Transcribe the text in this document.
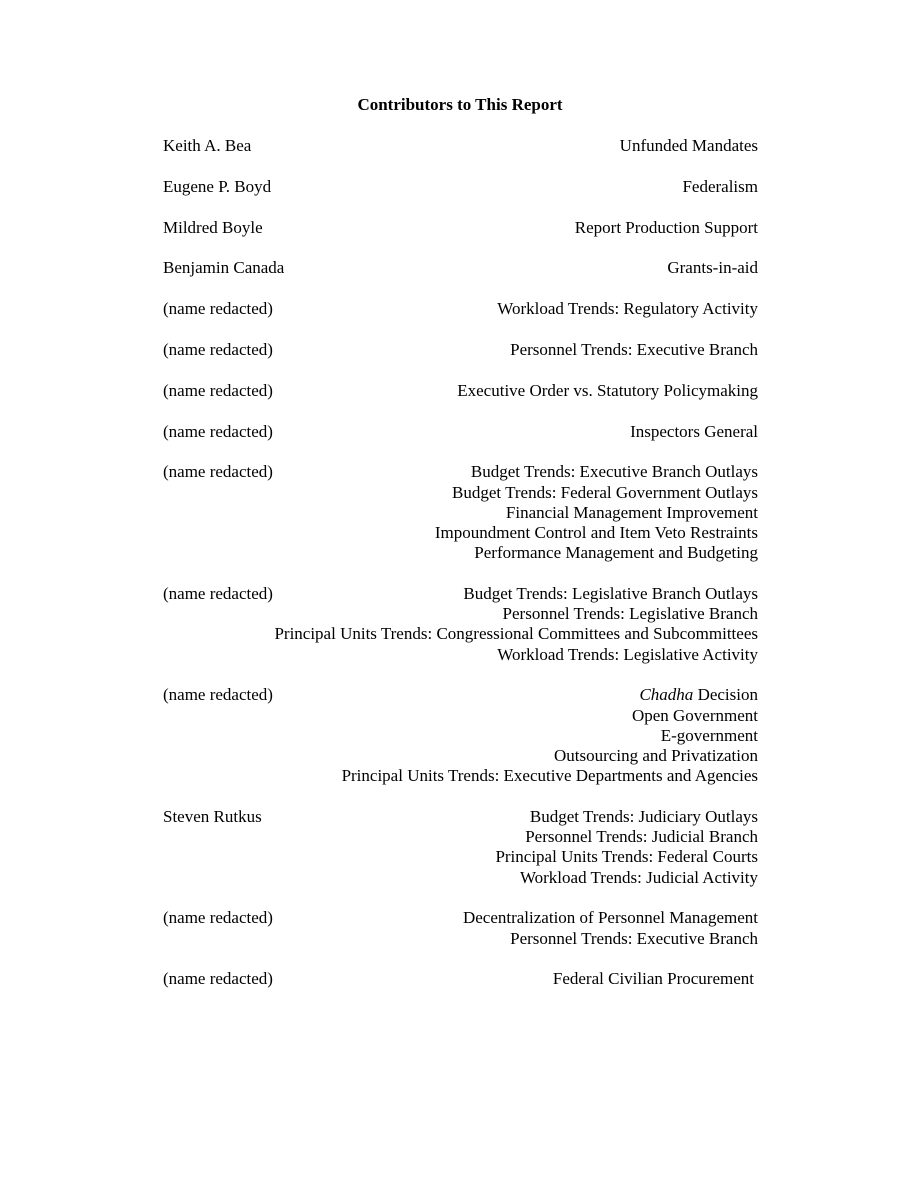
Contributors to This Report
Keith A. Bea	Unfunded Mandates
Eugene P. Boyd	Federalism
Mildred Boyle	Report Production Support
Benjamin Canada	Grants-in-aid
(name redacted)	Workload Trends: Regulatory Activity
(name redacted)	Personnel Trends: Executive Branch
(name redacted)	Executive Order vs. Statutory Policymaking
(name redacted)	Inspectors General
(name redacted)	Budget Trends: Executive Branch Outlays
Budget Trends: Federal Government Outlays
Financial Management Improvement
Impoundment Control and Item Veto Restraints
Performance Management and Budgeting
(name redacted)	Budget Trends: Legislative Branch Outlays
Personnel Trends: Legislative Branch
Principal Units Trends: Congressional Committees and Subcommittees
Workload Trends: Legislative Activity
(name redacted)	Chadha Decision
Open Government
E-government
Outsourcing and Privatization
Principal Units Trends: Executive Departments and Agencies
Steven Rutkus	Budget Trends: Judiciary Outlays
Personnel Trends: Judicial Branch
Principal Units Trends: Federal Courts
Workload Trends: Judicial Activity
(name redacted)	Decentralization of Personnel Management
Personnel Trends: Executive Branch
(name redacted)	Federal Civilian Procurement
